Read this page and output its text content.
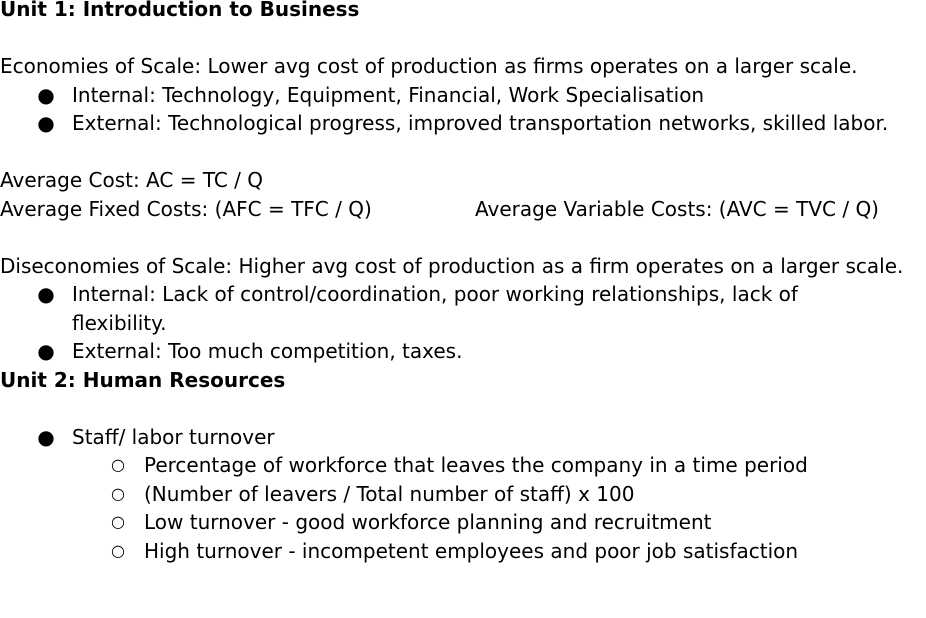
Unit 1: Introduction to Business
Economies of Scale: Lower avg cost of production as firms operates on a larger scale.
● Internal: Technology, Equipment, Financial, Work Specialisation
● External: Technological progress, improved transportation networks, skilled labor.
Average Cost: AC = TC / Q
Average Fixed Costs: (AFC = TFC / Q)	Average Variable Costs: (AVC = TVC / Q)
Diseconomies of Scale: Higher avg cost of production as a firm operates on a larger scale.
● Internal: Lack of control/coordination, poor working relationships, lack of flexibility.
● External: Too much competition, taxes.
Unit 2: Human Resources
● Staff/ labor turnover
○ Percentage of workforce that leaves the company in a time period
○ (Number of leavers / Total number of staff) x 100
○ Low turnover - good workforce planning and recruitment
○ High turnover - incompetent employees and poor job satisfaction
